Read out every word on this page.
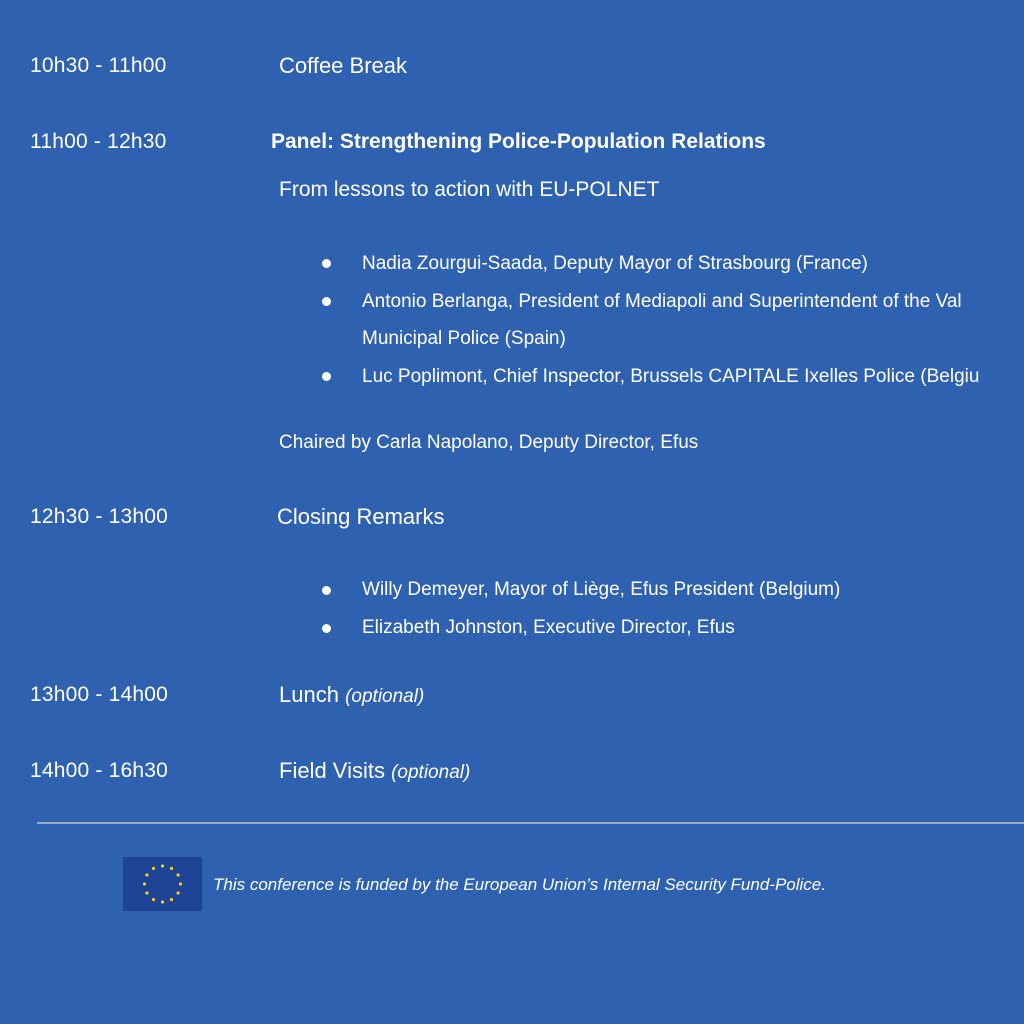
10h30 - 11h00	Coffee Break
11h00 - 12h30	Panel: Strengthening Police-Population Relations
From lessons to action with EU-POLNET
Nadia Zourgui-Saada, Deputy Mayor of Strasbourg (France)
Antonio Berlanga, President of Mediapoli and Superintendent of the Val
Municipal Police (Spain)
Luc Poplimont, Chief Inspector, Brussels CAPITALE Ixelles Police (Belgiu
Chaired by Carla Napolano, Deputy Director, Efus
12h30 - 13h00	Closing Remarks
Willy Demeyer, Mayor of Liège, Efus President (Belgium)
Elizabeth Johnston, Executive Director, Efus
13h00 - 14h00	Lunch (optional)
14h00 - 16h30	Field Visits (optional)
This conference is funded by the European Union’s Internal Security Fund-Police.
